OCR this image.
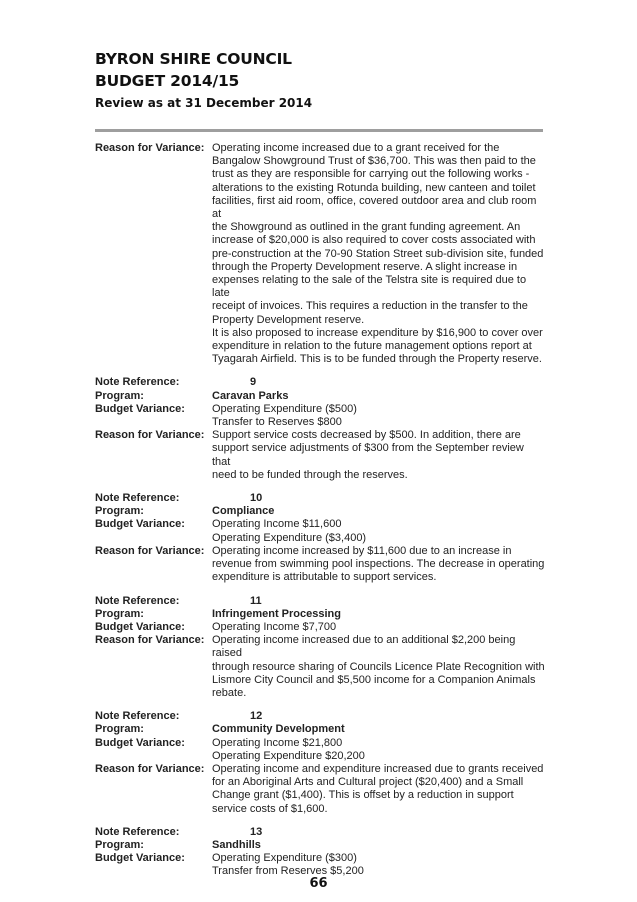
BYRON SHIRE COUNCIL
BUDGET 2014/15
Review as at 31 December 2014
Reason for Variance: Operating income increased due to a grant received for the
Bangalow Showground Trust of $36,700. This was then paid to the
trust as they are responsible for carrying out the following works -
alterations to the existing Rotunda building, new canteen and toilet
facilities, first aid room, office, covered outdoor area and club room at
the Showground as outlined in the grant funding agreement. An
increase of $20,000 is also required to cover costs associated with
pre-construction at the 70-90 Station Street sub-division site, funded
through the Property Development reserve. A slight increase in
expenses relating to the sale of the Telstra site is required due to late
receipt of invoices. This requires a reduction in the transfer to the
Property Development reserve.
It is also proposed to increase expenditure by $16,900 to cover over
expenditure in relation to the future management options report at
Tyagarah Airfield. This is to be funded through the Property reserve.
Note Reference:	9
Program:	Caravan Parks
Budget Variance:	Operating Expenditure ($500)
Transfer to Reserves $800
Reason for Variance: Support service costs decreased by $500. In addition, there are
support service adjustments of $300 from the September review that
need to be funded through the reserves.
Note Reference:	10
Program:	Compliance
Budget Variance:	Operating Income $11,600
Operating Expenditure ($3,400)
Reason for Variance: Operating income increased by $11,600 due to an increase in
revenue from swimming pool inspections. The decrease in operating
expenditure is attributable to support services.
Note Reference:	11
Program:	Infringement Processing
Budget Variance:	Operating Income $7,700
Reason for Variance: Operating income increased due to an additional $2,200 being raised
through resource sharing of Councils Licence Plate Recognition with
Lismore City Council and $5,500 income for a Companion Animals
rebate.
Note Reference:	12
Program:	Community Development
Budget Variance:	Operating Income $21,800
Operating Expenditure $20,200
Reason for Variance: Operating income and expenditure increased due to grants received
for an Aboriginal Arts and Cultural project ($20,400) and a Small
Change grant ($1,400). This is offset by a reduction in support
service costs of $1,600.
Note Reference:	13
Program:	Sandhills
Budget Variance:	Operating Expenditure ($300)
Transfer from Reserves $5,200
66
